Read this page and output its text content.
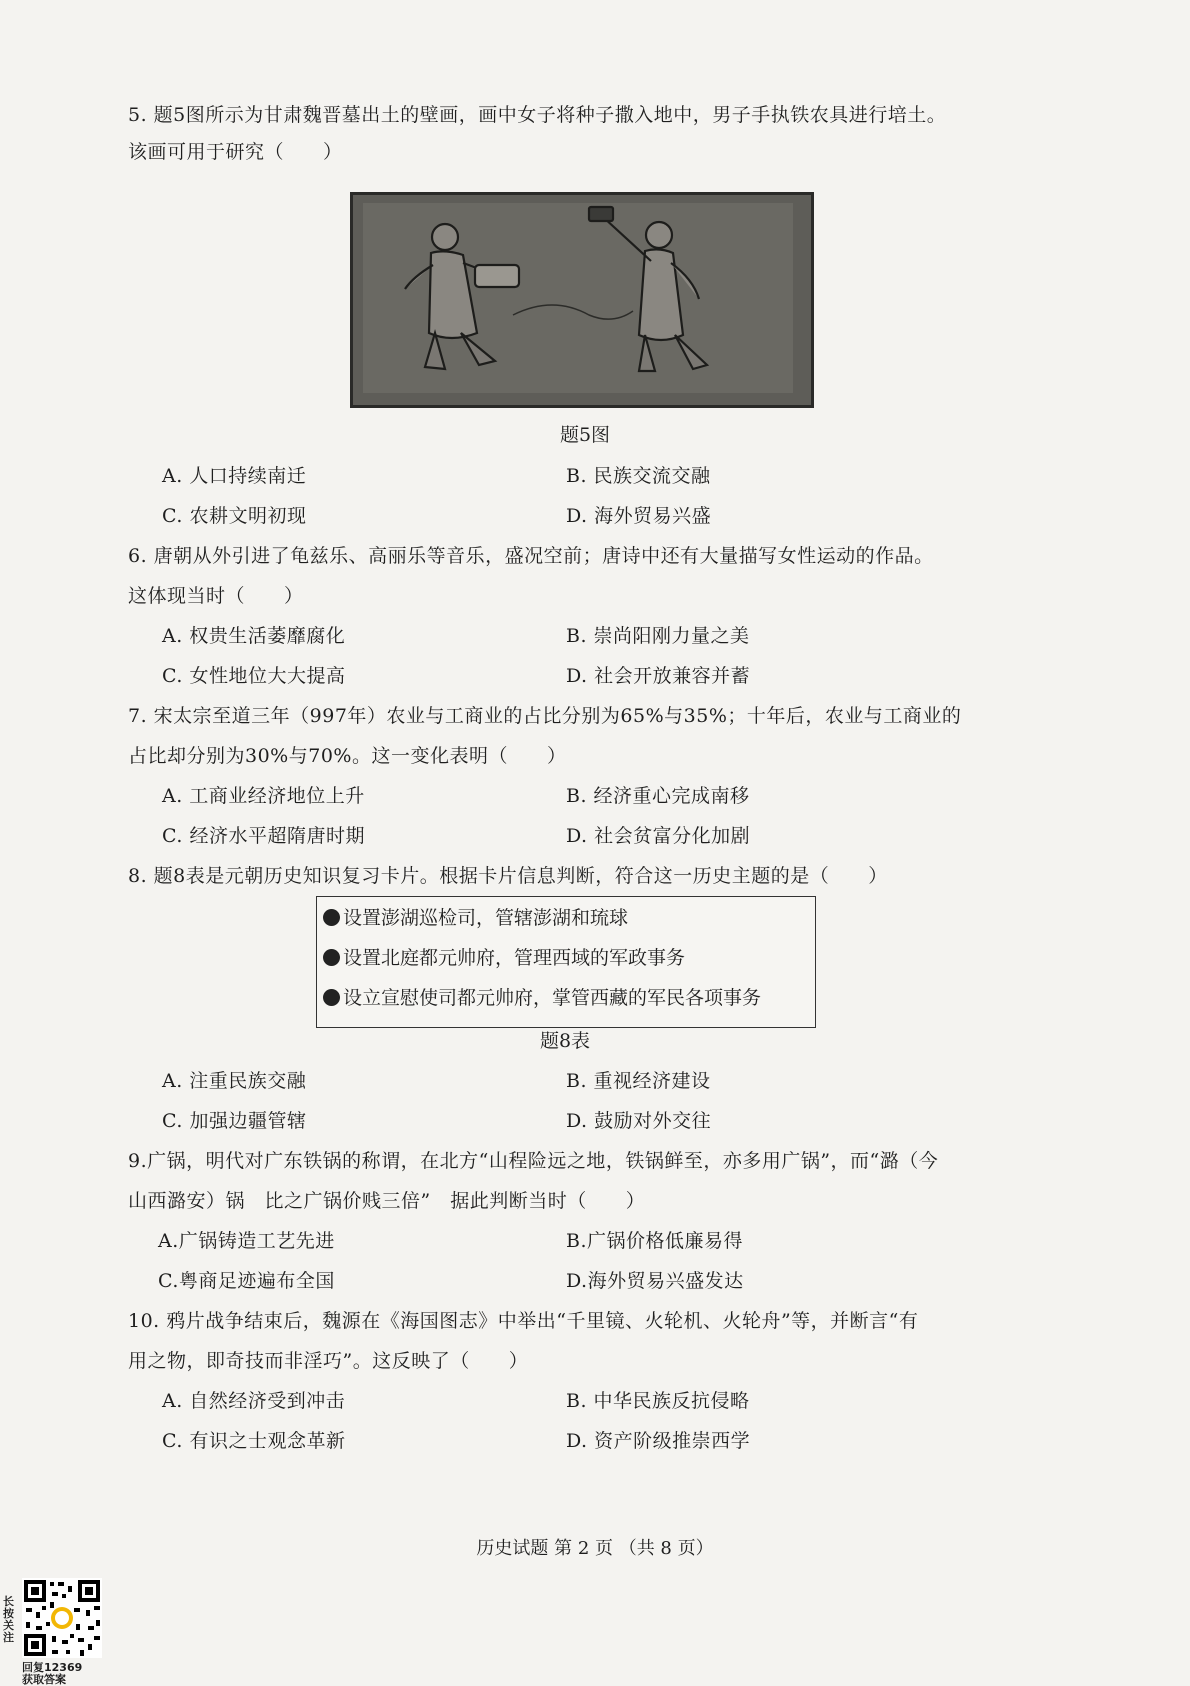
5. 题5图所示为甘肃魏晋墓出土的壁画，画中女子将种子撒入地中，男子手执铁农具进行培土。
该画可用于研究（　　）
题5图
A. 人口持续南迁	B. 民族交流交融
C. 农耕文明初现	D. 海外贸易兴盛
6. 唐朝从外引进了龟兹乐、高丽乐等音乐，盛况空前；唐诗中还有大量描写女性运动的作品。
这体现当时（　　）
A. 权贵生活萎靡腐化	B. 崇尚阳刚力量之美
C. 女性地位大大提高	D. 社会开放兼容并蓄
7. 宋太宗至道三年（997年）农业与工商业的占比分别为65%与35%；十年后，农业与工商业的
占比却分别为30%与70%。这一变化表明（　　）
A. 工商业经济地位上升	B. 经济重心完成南移
C. 经济水平超隋唐时期	D. 社会贫富分化加剧
8. 题8表是元朝历史知识复习卡片。根据卡片信息判断，符合这一历史主题的是（　　）
设置澎湖巡检司，管辖澎湖和琉球
设置北庭都元帅府，管理西域的军政事务
设立宣慰使司都元帅府，掌管西藏的军民各项事务
题8表
A. 注重民族交融	B. 重视经济建设
C. 加强边疆管辖	D. 鼓励对外交往
9.广锅，明代对广东铁锅的称谓，在北方“山程险远之地，铁锅鲜至，亦多用广锅”，而“潞（今
山西潞安）锅　比之广锅价贱三倍”　据此判断当时（　　）
A.广锅铸造工艺先进	B.广锅价格低廉易得
C.粤商足迹遍布全国	D.海外贸易兴盛发达
10. 鸦片战争结束后，魏源在《海国图志》中举出“千里镜、火轮机、火轮舟”等，并断言“有
用之物，即奇技而非淫巧”。这反映了（　　）
A. 自然经济受到冲击	B. 中华民族反抗侵略
C. 有识之士观念革新	D. 资产阶级推崇西学
历史试题 第 2 页 （共 8 页）
长按关注
回复12369
获取答案
